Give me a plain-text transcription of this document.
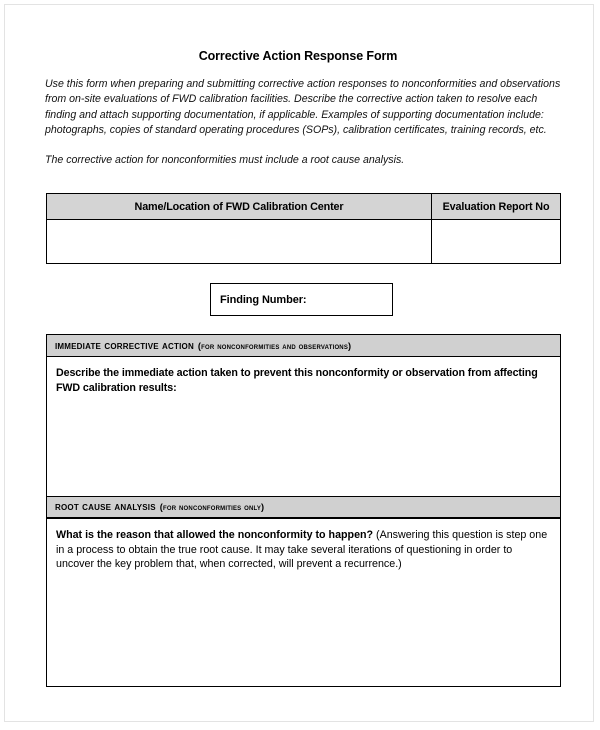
Corrective Action Response Form

Use this form when preparing and submitting corrective action responses to nonconformities and observations from on-site evaluations of FWD calibration facilities. Describe the corrective action taken to resolve each finding and attach supporting documentation, if applicable. Examples of supporting documentation include: photographs, copies of standard operating procedures (SOPs), calibration certificates, training records, etc.

The corrective action for nonconformities must include a root cause analysis.

Name/Location of FWD Calibration Center	Evaluation Report No
Finding Number:
immediate corrective action (for nonconformities and observations)

Describe the immediate action taken to prevent this nonconformity or observation from affecting FWD calibration results:

root cause analysis (for nonconformities only)

What is the reason that allowed the nonconformity to happen? (Answering this question is step one in a process to obtain the true root cause. It may take several iterations of questioning in order to uncover the key problem that, when corrected, will prevent a recurrence.)
